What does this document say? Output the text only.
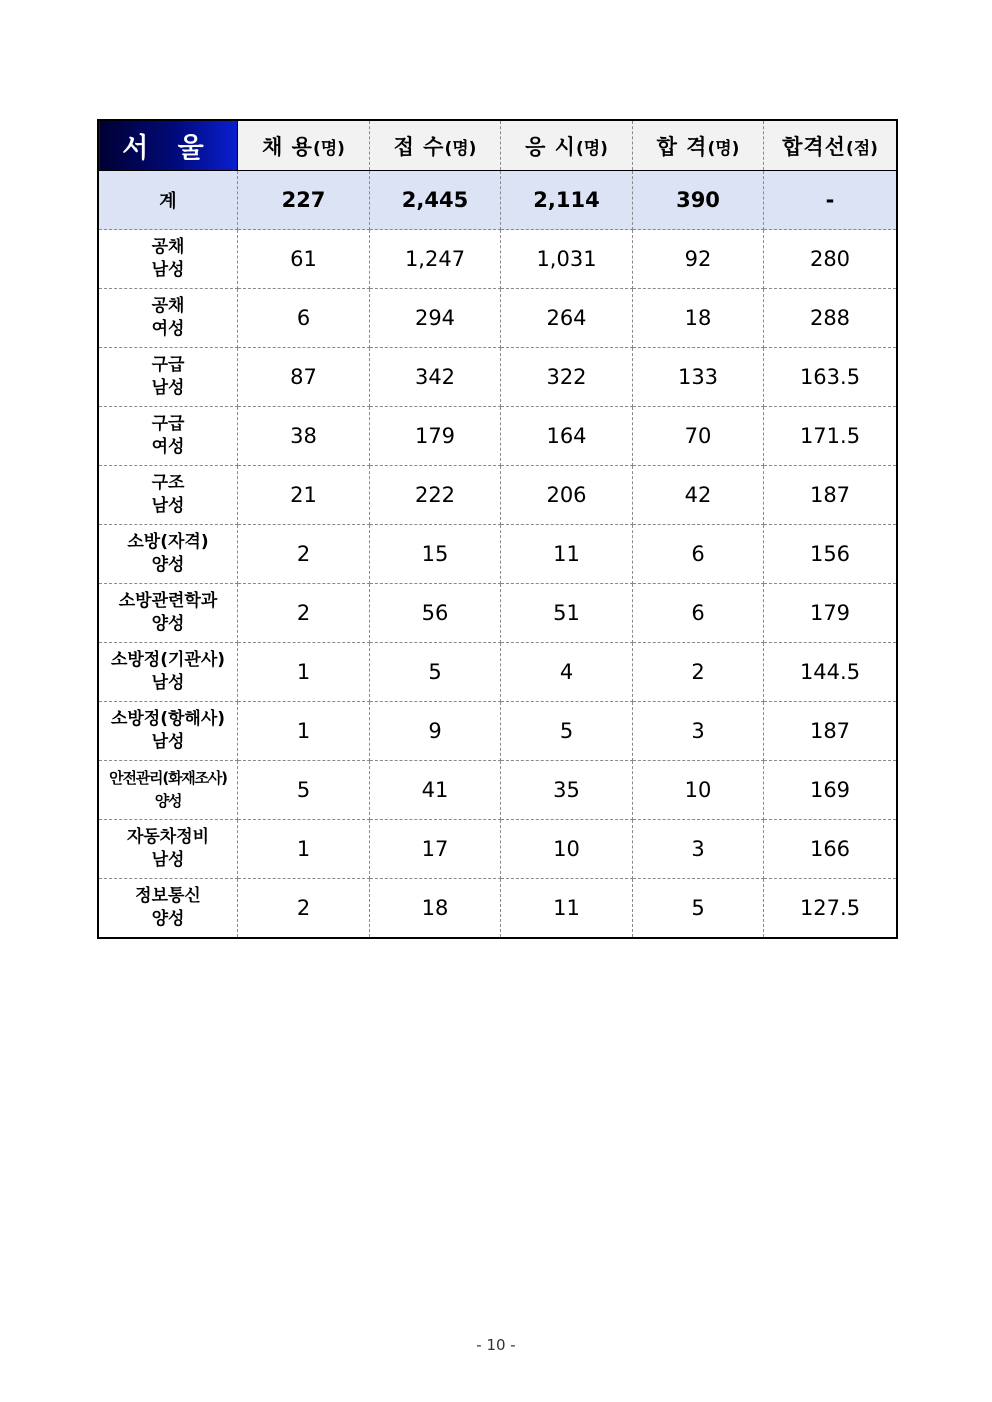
서 울	채 용(명)	접 수(명)	응 시(명)	합 격(명)	합격선(점)
계	227	2,445	2,114	390	-

공채
남성	61	1,247	1,031	92	280

공채
여성	6	294	264	18	288

구급
남성	87	342	322	133	163.5

구급
여성	38	179	164	70	171.5

구조
남성	21	222	206	42	187

소방(자격)
양성	2	15	11	6	156

소방관련학과
양성	2	56	51	6	179

소방정(기관사)
남성	1	5	4	2	144.5

소방정(항해사)
남성	1	9	5	3	187

안전관리(화재조사)
양성	5	41	35	10	169

자동차정비
남성	1	17	10	3	166

정보통신
양성	2	18	11	5	127.5
- 10 -
